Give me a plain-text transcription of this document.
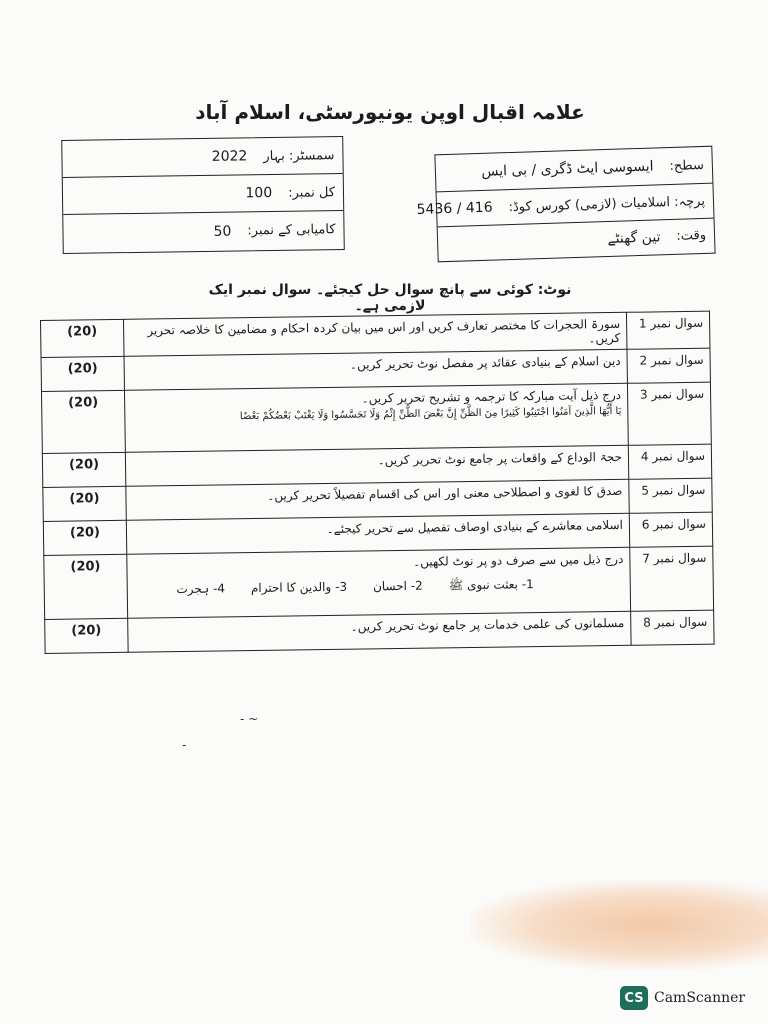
علامہ اقبال اوپن یونیورسٹی، اسلام آباد
سمسٹر: بہار
2022
کل نمبر:
100
کامیابی کے نمبر:
50
سطح:
ایسوسی ایٹ ڈگری / بی ایس
پرچہ: اسلامیات (لازمی) کورس کوڈ:
416 / 5436
وقت:
تین گھنٹے
نوٹ: کوئی سے پانچ سوال حل کیجئے۔ سوال نمبر ایک لازمی ہے۔
(20)	سورۃ الحجرات کا مختصر تعارف کریں اور اس میں بیان کردہ احکام و مضامین کا خلاصہ تحریر کریں۔	سوال نمبر 1
(20)	دین اسلام کے بنیادی عقائد پر مفصل نوٹ تحریر کریں۔	سوال نمبر 2
(20)	درج ذیل آیت مبارکہ کا ترجمہ و تشریح تحریر کریں۔
يَا أَيُّهَا الَّذِينَ آمَنُوا اجْتَنِبُوا كَثِيرًا مِنَ الظَّنِّ إِنَّ بَعْضَ الظَّنِّ إِثْمٌ وَلَا تَجَسَّسُوا وَلَا يَغْتَبْ بَعْضُكُمْ بَعْضًا	سوال نمبر 3
(20)	حجۃ الوداع کے واقعات پر جامع نوٹ تحریر کریں۔	سوال نمبر 4
(20)	صدق کا لغوی و اصطلاحی معنی اور اس کی اقسام تفصیلاً تحریر کریں۔	سوال نمبر 5
(20)	اسلامی معاشرے کے بنیادی اوصاف تفصیل سے تحریر کیجئے۔	سوال نمبر 6
(20)	درج ذیل میں سے صرف دو پر نوٹ لکھیں۔
1- بعثت نبوی ﷺ
2- احسان
3- والدین کا احترام
4- ہجرت	سوال نمبر 7
(20)	مسلمانوں کی علمی خدمات پر جامع نوٹ تحریر کریں۔	سوال نمبر 8
- ~
-
CS CamScanner
